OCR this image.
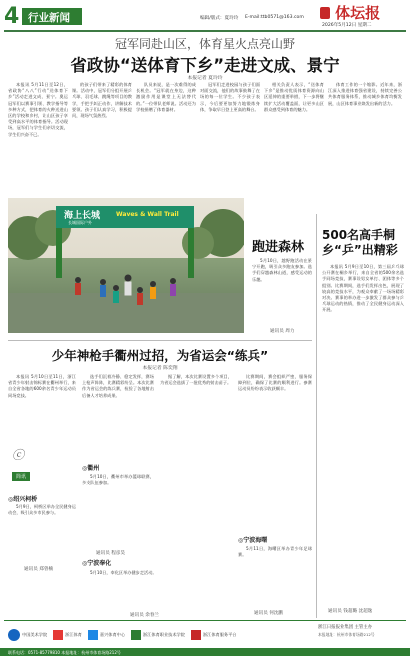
4 行业新闻	编辑/版式：夏玲玲 E-mail:ttb0571@163.com	体坛报
2026年5月12日 星期二
冠军同赴山区，体育星火点亮山野
省政协“送体育下乡”走进文成、景宁
本报记者 夏玲玲

本报讯 5月11日至12日，省政协“八八”行动“送体育下乡”活动走进文成、景宁。奥运冠军们以赛事引领、教学指导等多种方式，把体育的火种送进山区的学校和乡村，让山区孩子享受到高水平的体育指导。活动现场，冠军们与学生们亲切交流，学生们兴奋不已。

的孩子们带来了精彩的体育课。活动中，冠军们分组开展乒乓球、羽毛球、跳绳等项目的教学，手把手纠正动作，讲解技术要领。孩子们认真学习，积极提问，现场气氛热烈。

队员来说，是一次难得的成长机会。“冠军就在身边，这种激励作用是课堂上无法替代的。”一位带队老师说。活动还为学校捐赠了体育器材。

冠军们走进校园与孩子们面对面交流，他们的故事鼓舞了在场的每一位学生。不少孩子表示，今后要更加努力地锻炼身体，争取早日登上更高的舞台。

相关负责人表示，“送体育下乡”是推动优质体育资源向山区延伸的重要举措，下一步将继续扩大活动覆盖面，让更多山区群众感受到体育的魅力。

体育工作的一个缩影。近年来，浙江深入推进体育强省建设，持续完善公共体育服务体系，推动城乡体育均衡发展，山区体育事业焕发出新的活力。

海上长城	Waves & Wall Trail
长城国际户外
跑进森林

5月10日，越野跑活动在景宁开跑，吸引众多跑友参加。选手们穿越森林山道，感受运动的乐趣。

通讯员 周力
500名高手桐乡“乒”出精彩

本报讯 5月9日至10日，第三届乒乓球公开赛在桐乡举行，来自全省的500余名选手同场竞技，赛事设男女单打、团体等多个组别。比赛期间，选手们发挥出色，展现了较高的竞技水平，为观众奉献了一场场精彩对决。赛事的举办进一步激发了群众参与乒乓球运动的热情，推动了全民健身运动深入开展。

通讯员 钱超璐 沈超逸
少年神枪手衢州过招，为省运会“练兵”
本报记者 陈奕翔

本报讯 5月10日至11日，浙江省青少年射击锦标赛在衢州举行，来自全省各地的600余名青少年运动员同场竞技。

选手们沉着冷静、稳定发挥，赛场上枪声阵阵，比赛精彩纷呈。本次比赛作为省运会的练兵赛，检验了各地射击后备人才培养成果。

据了解，本次比赛设置多个项目，为省运会选拔了一批优秀的射击苗子。

比赛期间，赛会组织严密，服务保障到位，确保了比赛的顺利进行。参赛运动员纷纷表示收获颇丰。

ⓒ
简讯
◎绍兴柯桥

5月9日，柯桥区举办全民健身运动会，吸引众多市民参与。

通讯员 郑曾楠
◎衢州

5月10日，衢州市举办篮球联赛，多支队伍参加。

通讯员 程彦昊
◎宁波奉化

5月10日，奉化区举办健步走活动。

通讯员 余春兰
◎宁波海曙

5月11日，海曙区举办青少年足球赛。

通讯员 何沈鹏
中国美术学院	浙江体育	嘉兴体育中心	浙江体育职业技术学院	浙江体育服务平台
浙江日报报业集团 主管主办
本报地址：杭州市体育场路212号
联系电话：0571-85779810 本报地址：杭州市体育场路212号
